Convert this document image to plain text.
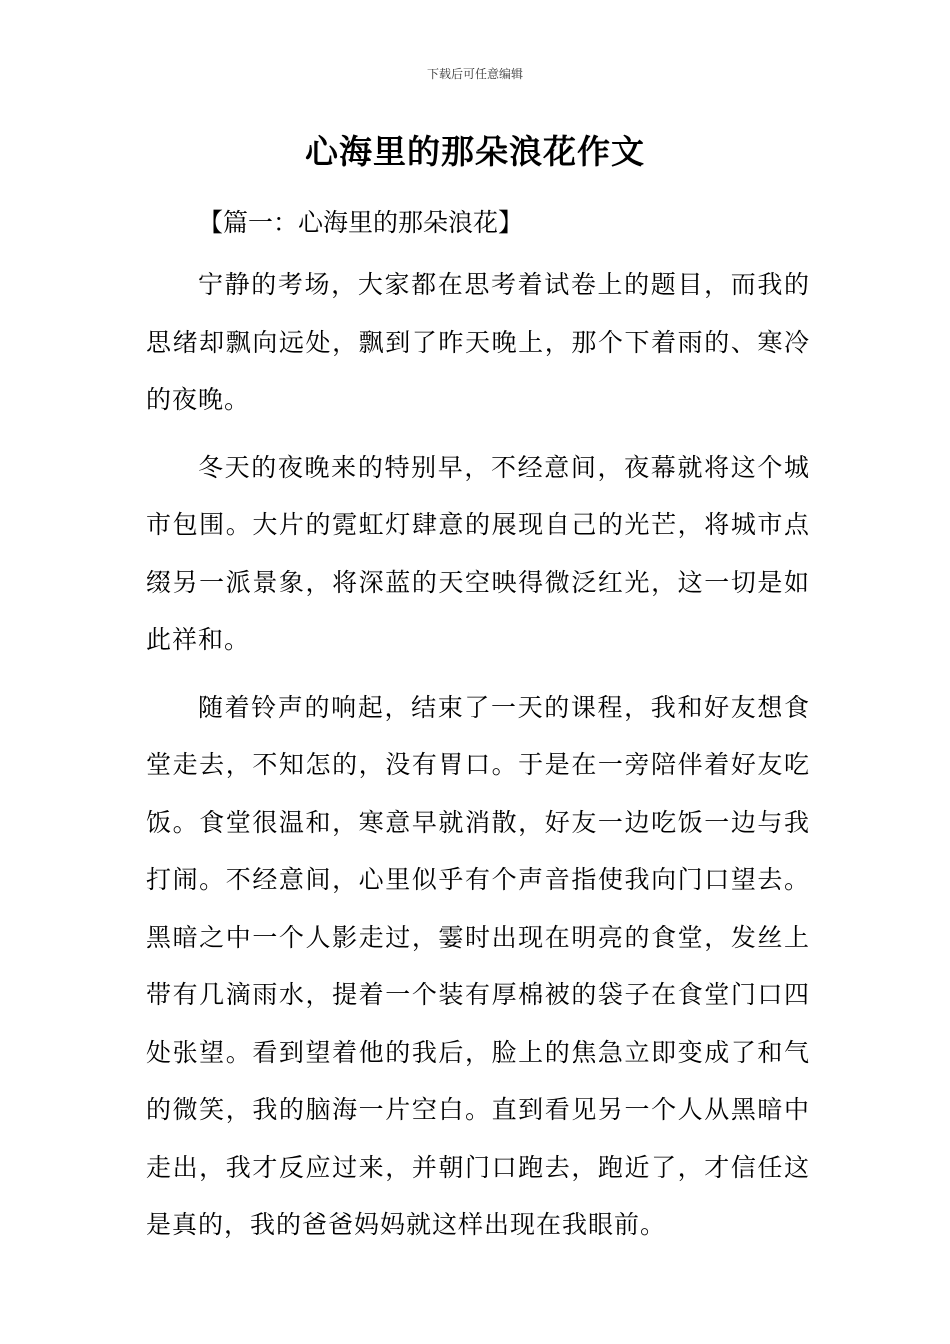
下载后可任意编辑
心海里的那朵浪花作文

【篇一：心海里的那朵浪花】

宁静的考场，大家都在思考着试卷上的题目，而我的思绪却飘向远处，飘到了昨天晚上，那个下着雨的、寒冷的夜晚。

冬天的夜晚来的特别早，不经意间，夜幕就将这个城市包围。大片的霓虹灯肆意的展现自己的光芒，将城市点缀另一派景象，将深蓝的天空映得微泛红光，这一切是如此祥和。

随着铃声的响起，结束了一天的课程，我和好友想食堂走去，不知怎的，没有胃口。于是在一旁陪伴着好友吃饭。食堂很温和，寒意早就消散，好友一边吃饭一边与我打闹。不经意间，心里似乎有个声音指使我向门口望去。黑暗之中一个人影走过，霎时出现在明亮的食堂，发丝上带有几滴雨水，提着一个装有厚棉被的袋子在食堂门口四处张望。看到望着他的我后，脸上的焦急立即变成了和气的微笑，我的脑海一片空白。直到看见另一个人从黑暗中走出，我才反应过来，并朝门口跑去，跑近了，才信任这是真的，我的爸爸妈妈就这样出现在我眼前。
